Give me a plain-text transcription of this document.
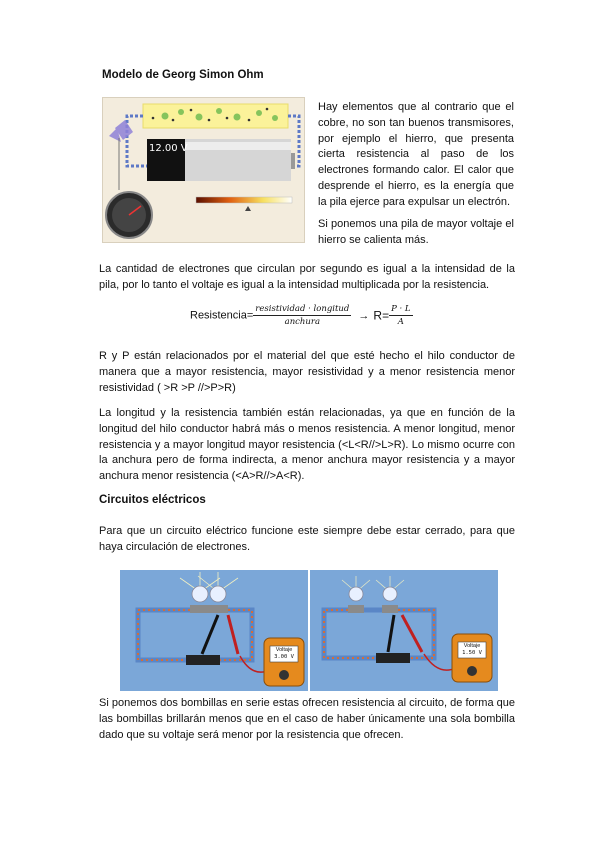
Modelo de Georg Simon Ohm
12.00 V
Hay elementos que al contrario que el cobre, no son tan buenos transmisores, por ejemplo el hierro, que presenta cierta resistencia al paso de los electrones formando calor. El calor que desprende el hierro, es la energía que la pila ejerce para expulsar un electrón.
Si ponemos una pila de mayor voltaje el hierro se calienta más.
La cantidad de electrones que circulan por segundo es igual a la intensidad de la pila, por lo tanto el voltaje es igual a la intensidad multiplicada por la resistencia.
Resistencia= $\frac{\text{resistividad · longitud}}{\text{anchura}} \to R= \frac{P \cdot L}{A}$
R y P están relacionados por el material del que esté hecho el hilo conductor de manera que a mayor resistencia, mayor resistividad y a menor resistencia menor resistividad ( >R >P //>P>R)
La longitud y la resistencia también están relacionadas, ya que en función de la longitud del hilo conductor habrá más o menos resistencia. A menor longitud, menor resistencia y a mayor longitud mayor resistencia (<L<R//>L>R). Lo mismo ocurre con la anchura pero de forma indirecta, a menor anchura mayor resistencia y a mayor anchura menor resistencia (<A>R//>A<R).
Circuitos eléctricos
Para que un circuito eléctrico funcione este siempre debe estar cerrado, para que haya circulación de electrones.
Voltaje
3.00 V
Voltaje
1.50 V
Si ponemos dos bombillas en serie estas ofrecen resistencia al circuito, de forma que las bombillas brillarán menos que en el caso de haber únicamente una sola bombilla dado que su voltaje será menor por la resistencia que ofrecen.
